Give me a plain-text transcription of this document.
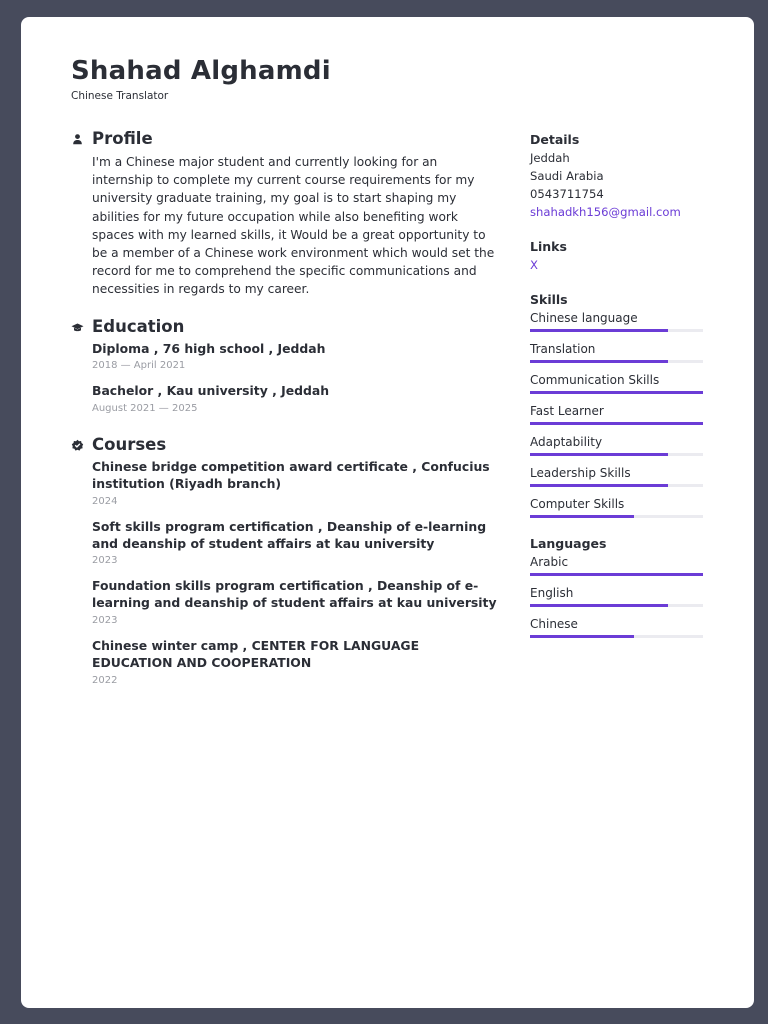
Shahad Alghamdi
Chinese Translator
Profile
I'm a Chinese major student and currently looking for an internship to complete my current course requirements for my university graduate training, my goal is to start shaping my abilities for my future occupation while also benefiting work spaces with my learned skills, it Would be a great opportunity to be a member of a Chinese work environment which would set the record for me to comprehend the specific communications and necessities in regards to my career.
Education
Diploma , 76 high school , Jeddah
2018 — April 2021
Bachelor , Kau university , Jeddah
August 2021 — 2025
Courses
Chinese bridge competition award certificate , Confucius institution (Riyadh branch)
2024
Soft skills program certification , Deanship of e-learning and deanship of student affairs at kau university
2023
Foundation skills program certification , Deanship of e-learning and deanship of student affairs at kau university
2023
Chinese winter camp , CENTER FOR LANGUAGE EDUCATION AND COOPERATION
2022
Details
Jeddah
Saudi Arabia
0543711754
shahadkh156@gmail.com
Links
X
Skills
Chinese language
Translation
Communication Skills
Fast Learner
Adaptability
Leadership Skills
Computer Skills
Languages
Arabic
English
Chinese
